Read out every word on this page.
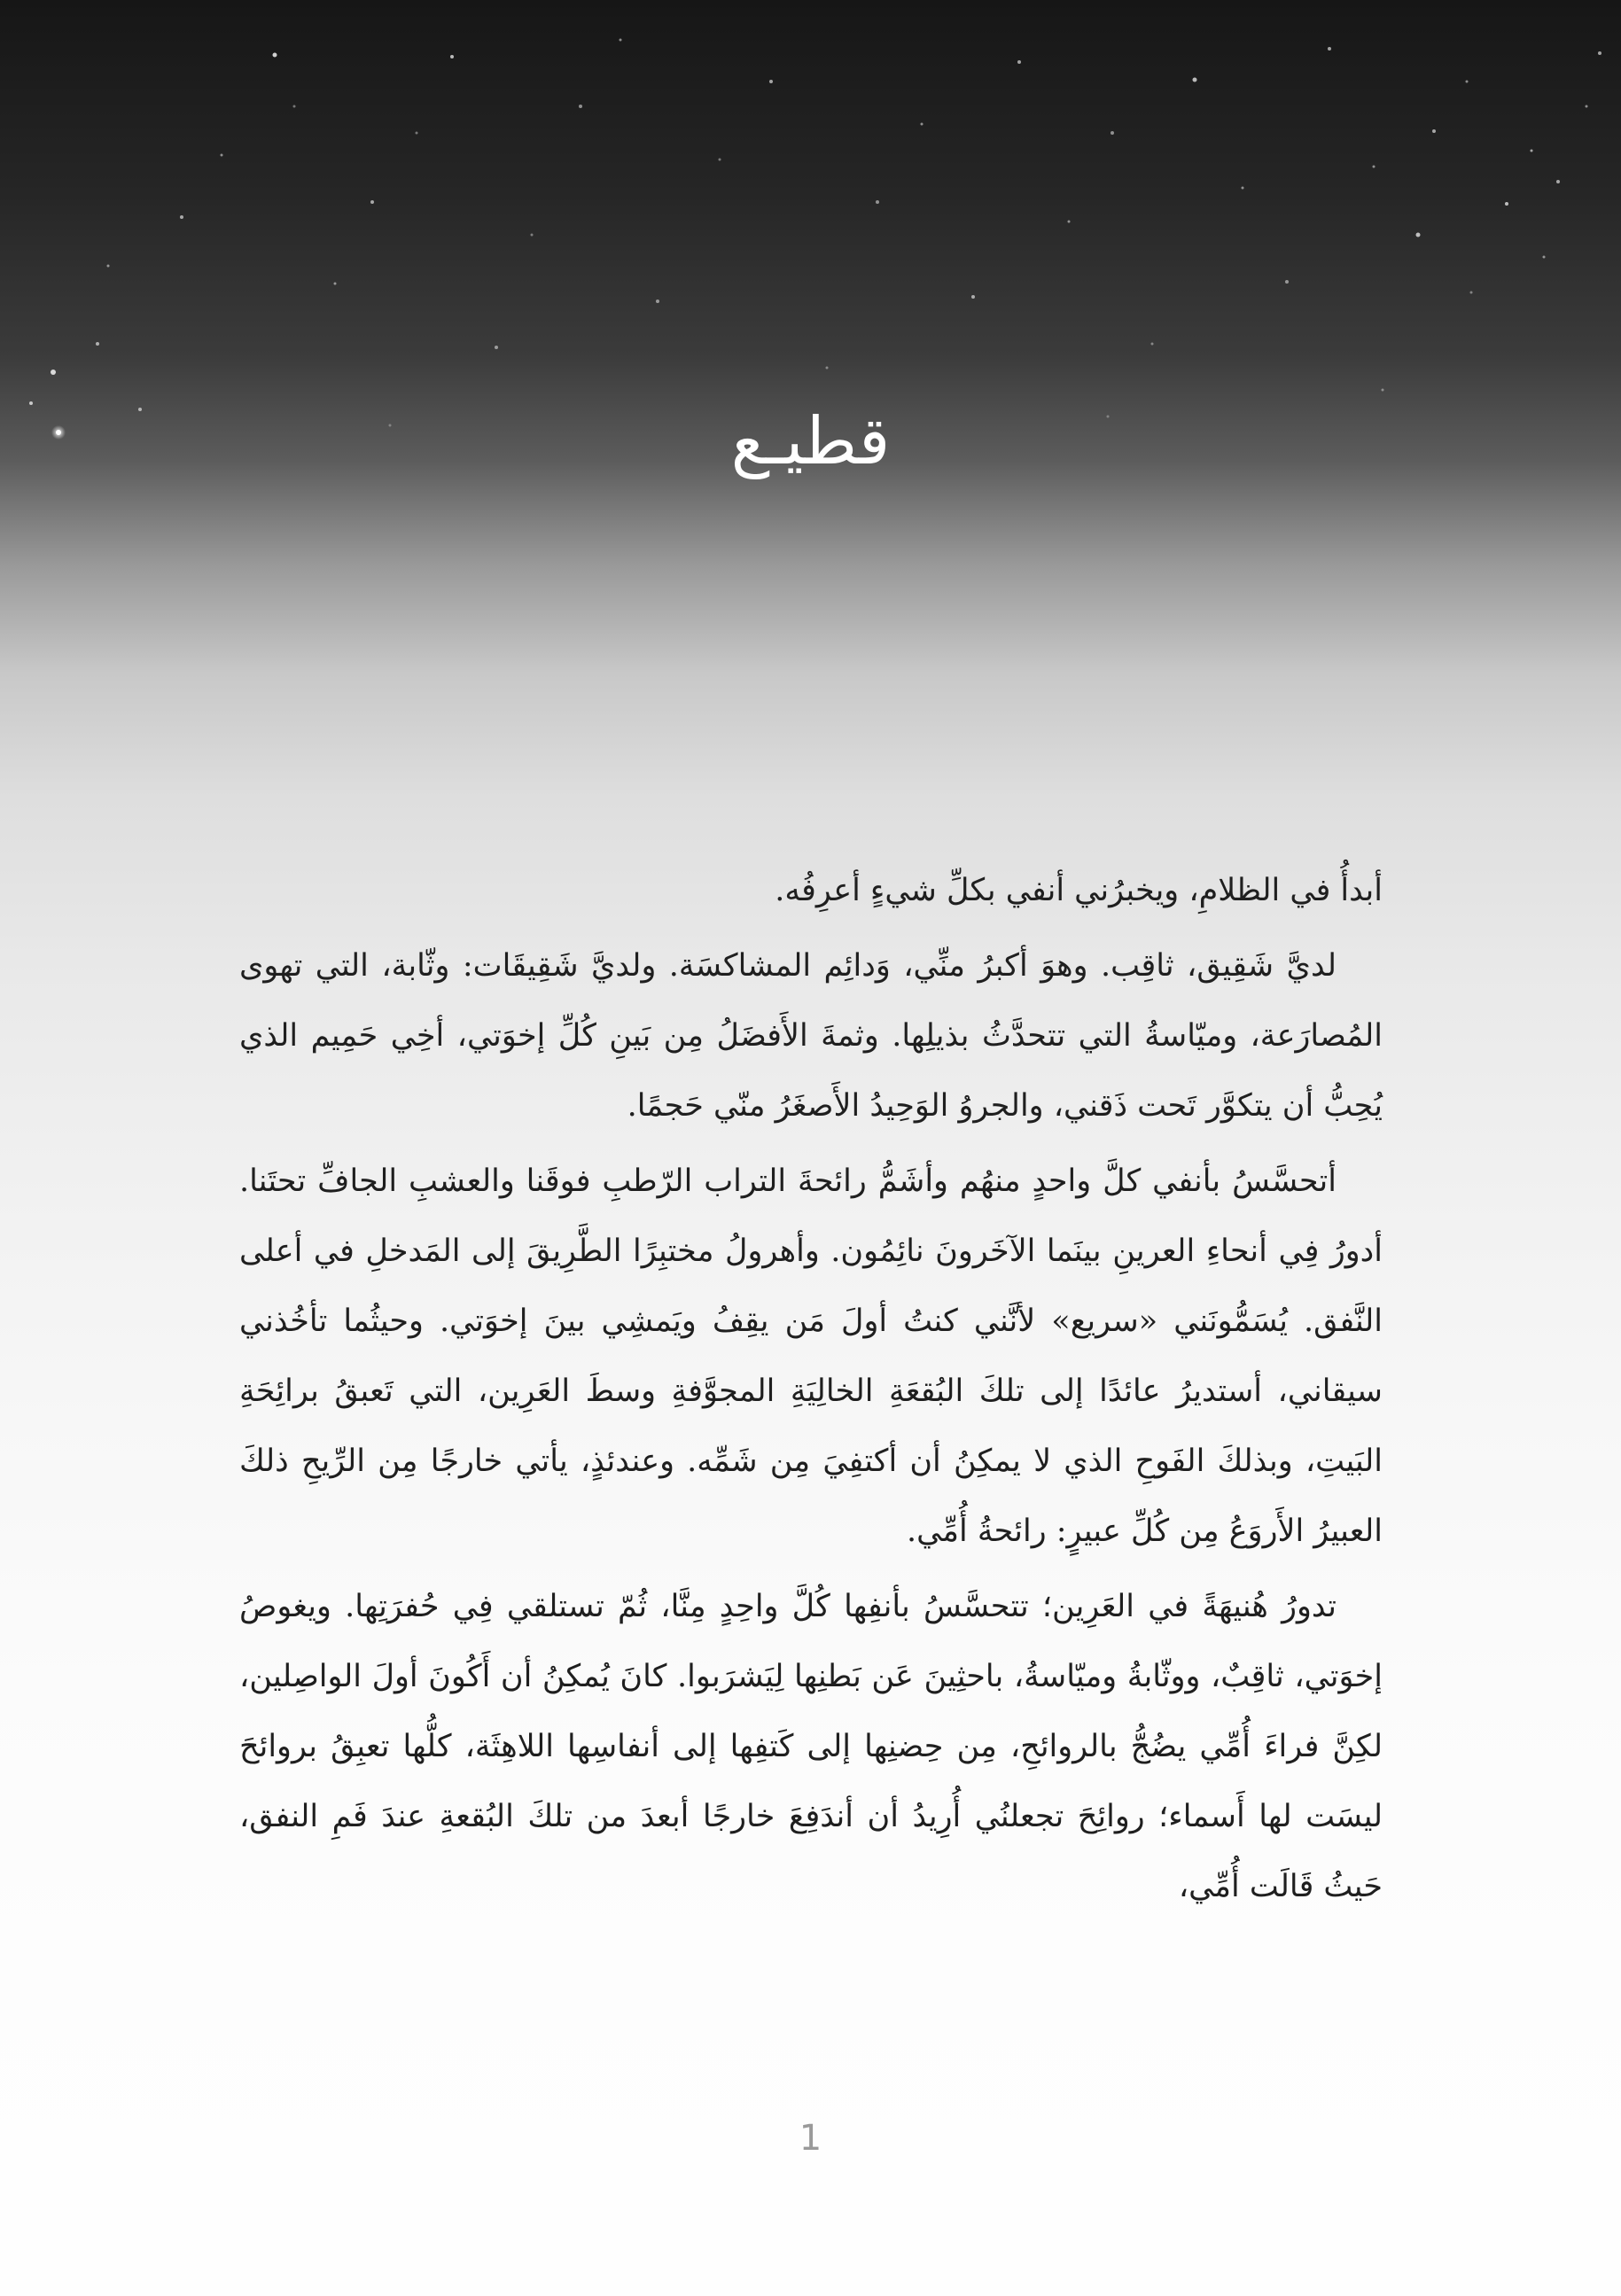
قطيـع

أبدأُ في الظلامِ، ويخبرُني أنفي بكلِّ شيءٍ أعرِفُه.

لديَّ شَقِيق، ثاقِب. وهوَ أكبرُ منِّي، وَدائِم المشاكسَة. ولديَّ شَقِيقَات: وثّابة، التي تهوى المُصارَعة، وميّاسةُ التي تتحدَّثُ بذيلِها. وثمةَ الأَفضَلُ مِن بَينِ كُلِّ إخوَتي، أخِي حَمِيم الذي يُحِبُّ أن يتكوَّر تَحت ذَقني، والجروُ الوَحِيدُ الأَصغَرُ منّي حَجمًا.

أتحسَّسُ بأنفي كلَّ واحدٍ منهُم وأشَمُّ رائحةَ التراب الرّطبِ فوقَنا والعشبِ الجافِّ تحتَنا. أدورُ فِي أنحاءِ العرينِ بينَما الآخَرونَ نائِمُون. وأهرولُ مختبِرًا الطَّرِيقَ إلى المَدخلِ في أعلى النَّفق. يُسَمُّونَني «سريع» لأنَّني كنتُ أولَ مَن يقِفُ ويَمشِي بينَ إخوَتي. وحيثُما تأخُذني سيقاني، أستديرُ عائدًا إلى تلكَ البُقعَةِ الخالِيَةِ المجوَّفةِ وسطَ العَرِين، التي تَعبقُ برائِحَةِ البَيتِ، وبذلكَ الفَوحِ الذي لا يمكِنُ أن أكتفِيَ مِن شَمِّه. وعندئذٍ، يأتي خارجًا مِن الرِّيحِ ذلكَ العبيرُ الأَروَعُ مِن كُلِّ عبيرٍ: رائحةُ أُمِّي.

تدورُ هُنيهَةً في العَرِين؛ تتحسَّسُ بأنفِها كُلَّ واحِدٍ مِنَّا، ثُمّ تستلقي فِي حُفرَتِها. ويغوصُ إخوَتي، ثاقِبٌ، ووثّابةُ وميّاسةُ، باحثِينَ عَن بَطنِها لِيَشرَبوا. كانَ يُمكِنُ أن أَكُونَ أولَ الواصِلين، لكِنَّ فراءَ أُمِّي يضُجُّ بالروائحِ، مِن حِضنِها إلى كَتفِها إلى أنفاسِها اللاهِثَة، كلُّها تعبِقُ بروائحَ ليسَت لها أَسماء؛ روائِحَ تجعلنُي أُرِيدُ أن أندَفِعَ خارجًا أبعدَ من تلكَ البُقعةِ عندَ فَمِ النفق، حَيثُ قَالَت أُمِّي،

1
